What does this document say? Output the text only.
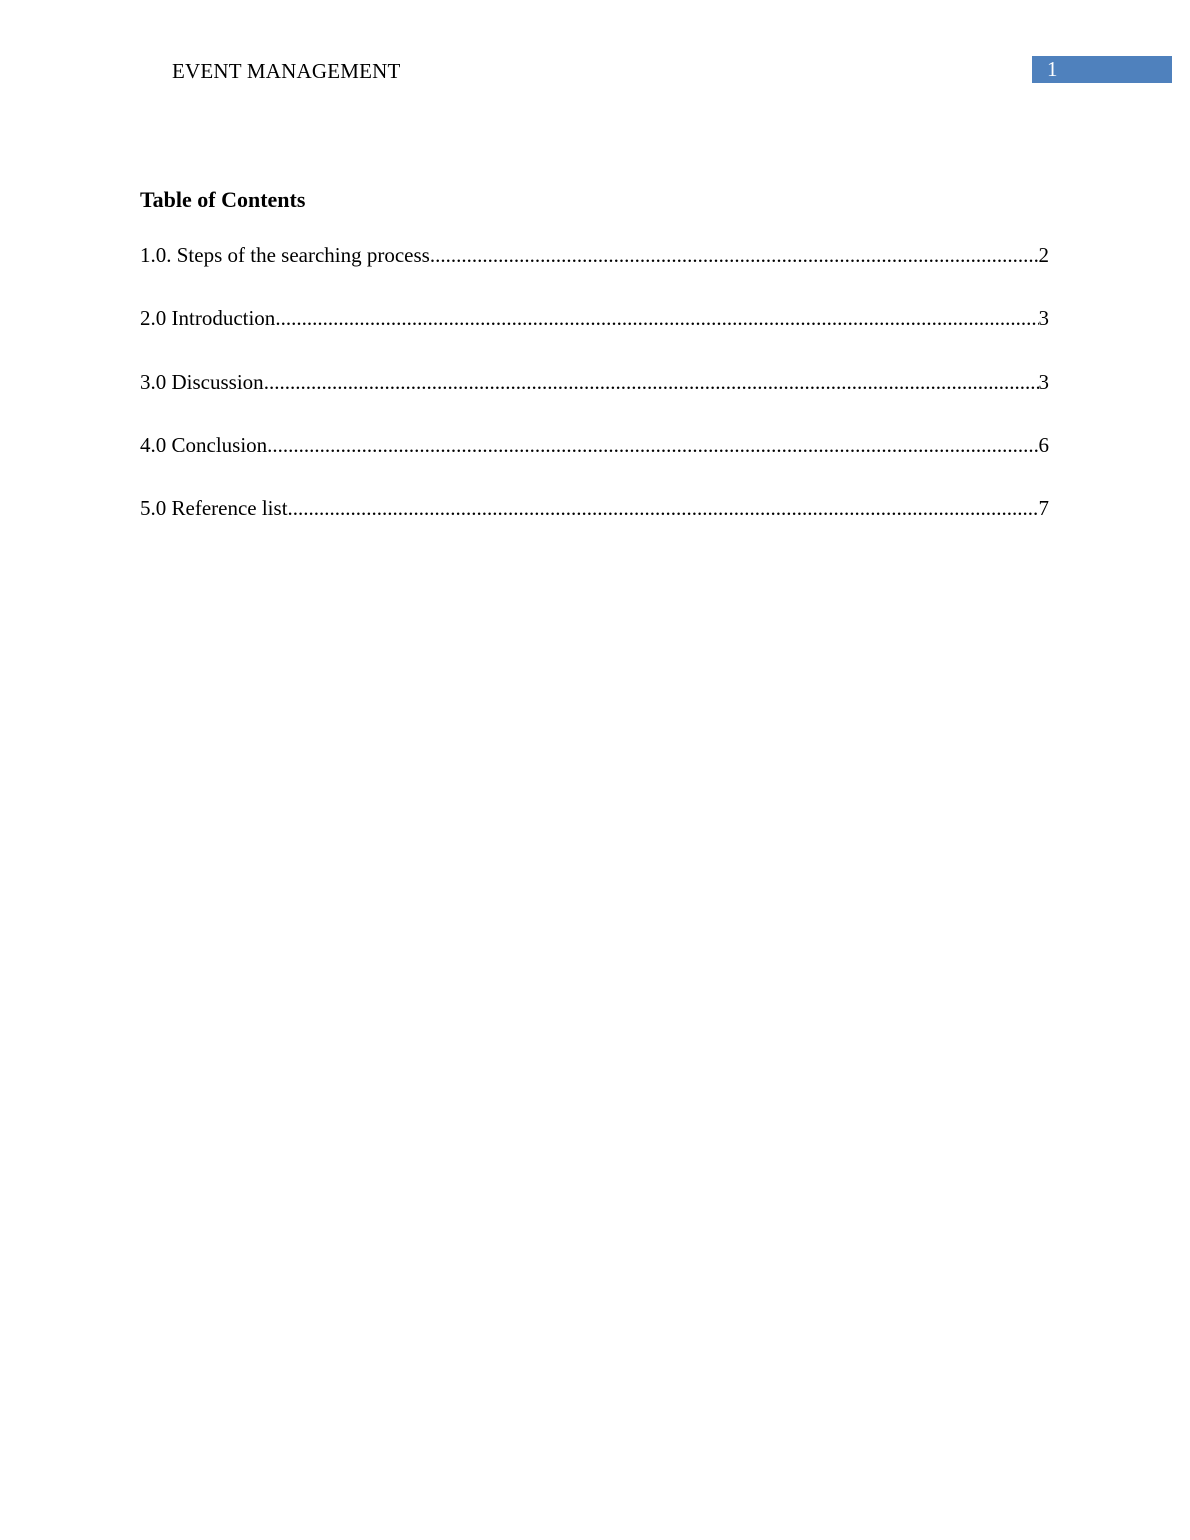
EVENT MANAGEMENT	1
Table of Contents
1.0. Steps of the searching process .....	2
2.0 Introduction .....	3
3.0 Discussion .....	3
4.0 Conclusion .....	6
5.0 Reference list .....	7
